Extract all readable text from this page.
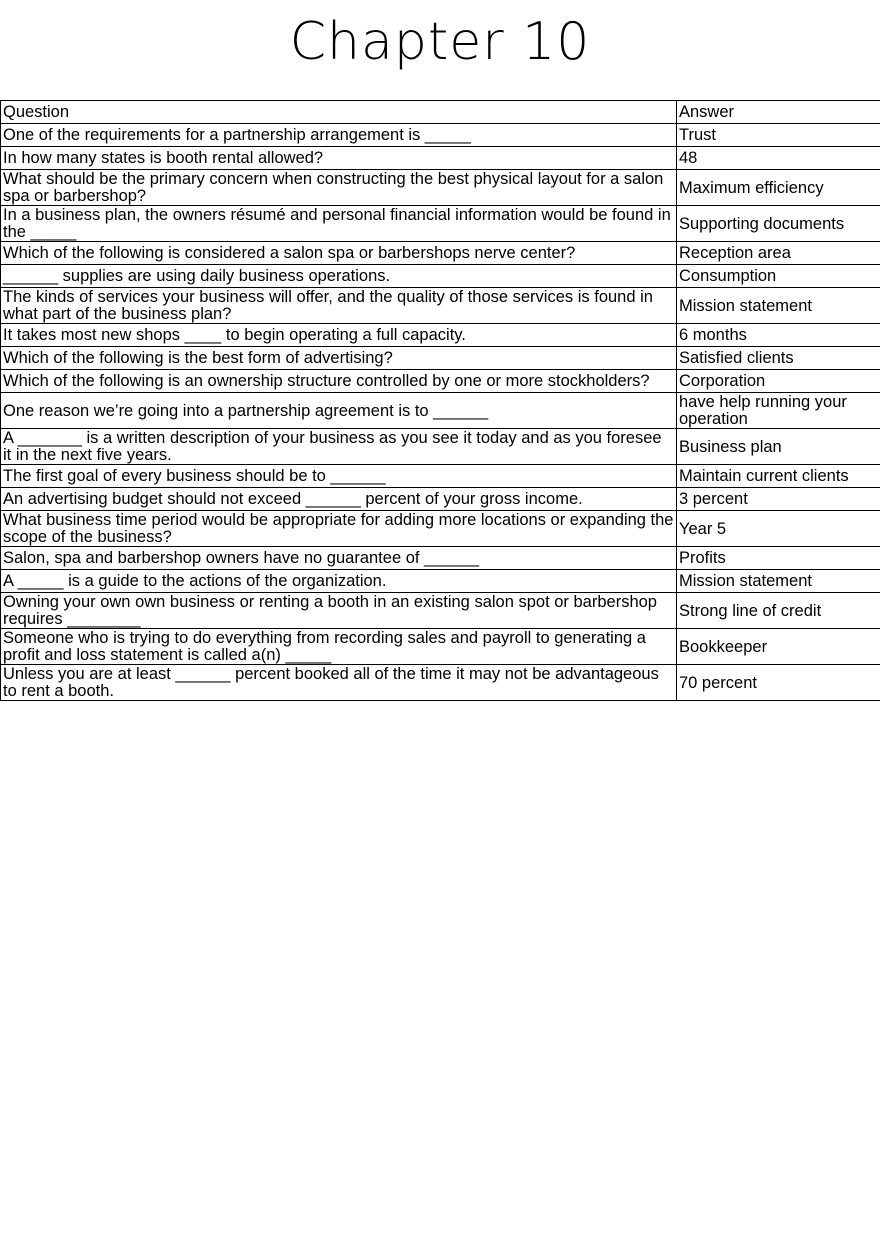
Chapter 10
Question	Answer
One of the requirements for a partnership arrangement is _____	Trust
In how many states is booth rental allowed?	48
What should be the primary concern when constructing the best physical layout for a salon spa or barbershop?	Maximum efficiency
In a business plan, the owners résumé and personal financial information would be found in the _____	Supporting documents
Which of the following is considered a salon spa or barbershops nerve center?	Reception area
______ supplies are using daily business operations.	Consumption
The kinds of services your business will offer, and the quality of those services is found in what part of the business plan?	Mission statement
It takes most new shops ____ to begin operating a full capacity.	6 months
Which of the following is the best form of advertising?	Satisfied clients
Which of the following is an ownership structure controlled by one or more stockholders?	Corporation
One reason we’re going into a partnership agreement is to ______	have help running your operation
A _______ is a written description of your business as you see it today and as you foresee it in the next five years.	Business plan
The first goal of every business should be to ______	Maintain current clients
An advertising budget should not exceed ______ percent of your gross income.	3 percent
What business time period would be appropriate for adding more locations or expanding the scope of the business?	Year 5
Salon, spa and barbershop owners have no guarantee of ______	Profits
A _____ is a guide to the actions of the organization.	Mission statement
Owning your own own business or renting a booth in an existing salon spot or barbershop requires ________	Strong line of credit
Someone who is trying to do everything from recording sales and payroll to generating a profit and loss statement is called a(n) _____	Bookkeeper
Unless you are at least ______ percent booked all of the time it may not be advantageous to rent a booth.	70 percent
